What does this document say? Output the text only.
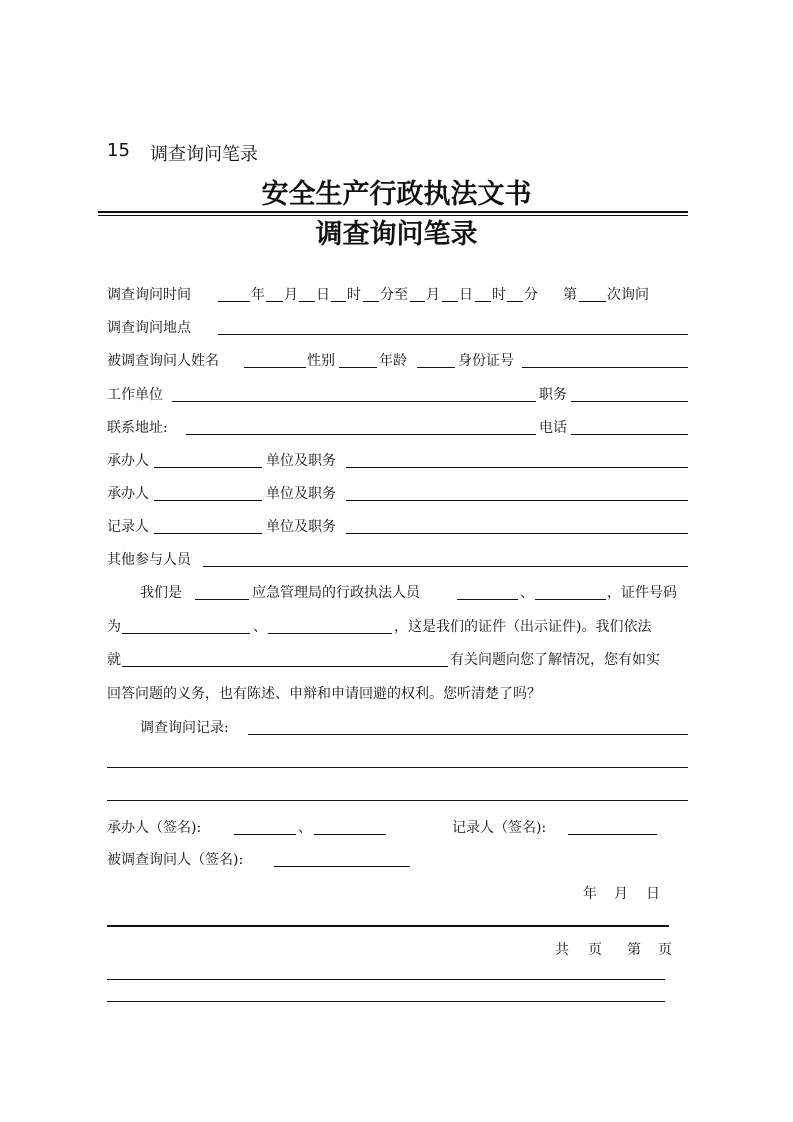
15 调查询问笔录
安全生产行政执法文书
调查询问笔录
调查询问时间	年 月 日 时 分至 月 日 时 分 第 次询问
调查询问地点
被调查询问人姓名	性别	年龄	身份证号
工作单位	职务
联系地址:	电话
承办人	单位及职务
承办人	单位及职务
记录人	单位及职务
其他参与人员
我们是	应急管理局的行政执法人员	、	，证件号码
为	、	，这是我们的证件（出示证件)。我们依法
就	有关问题向您了解情况，您有如实
回答问题的义务，也有陈述、申辩和申请回避的权利。您听清楚了吗？
调查询问记录:
承办人（签名):	、	记录人（签名):
被调查询问人（签名):
年 月 日
共 页 第 页
